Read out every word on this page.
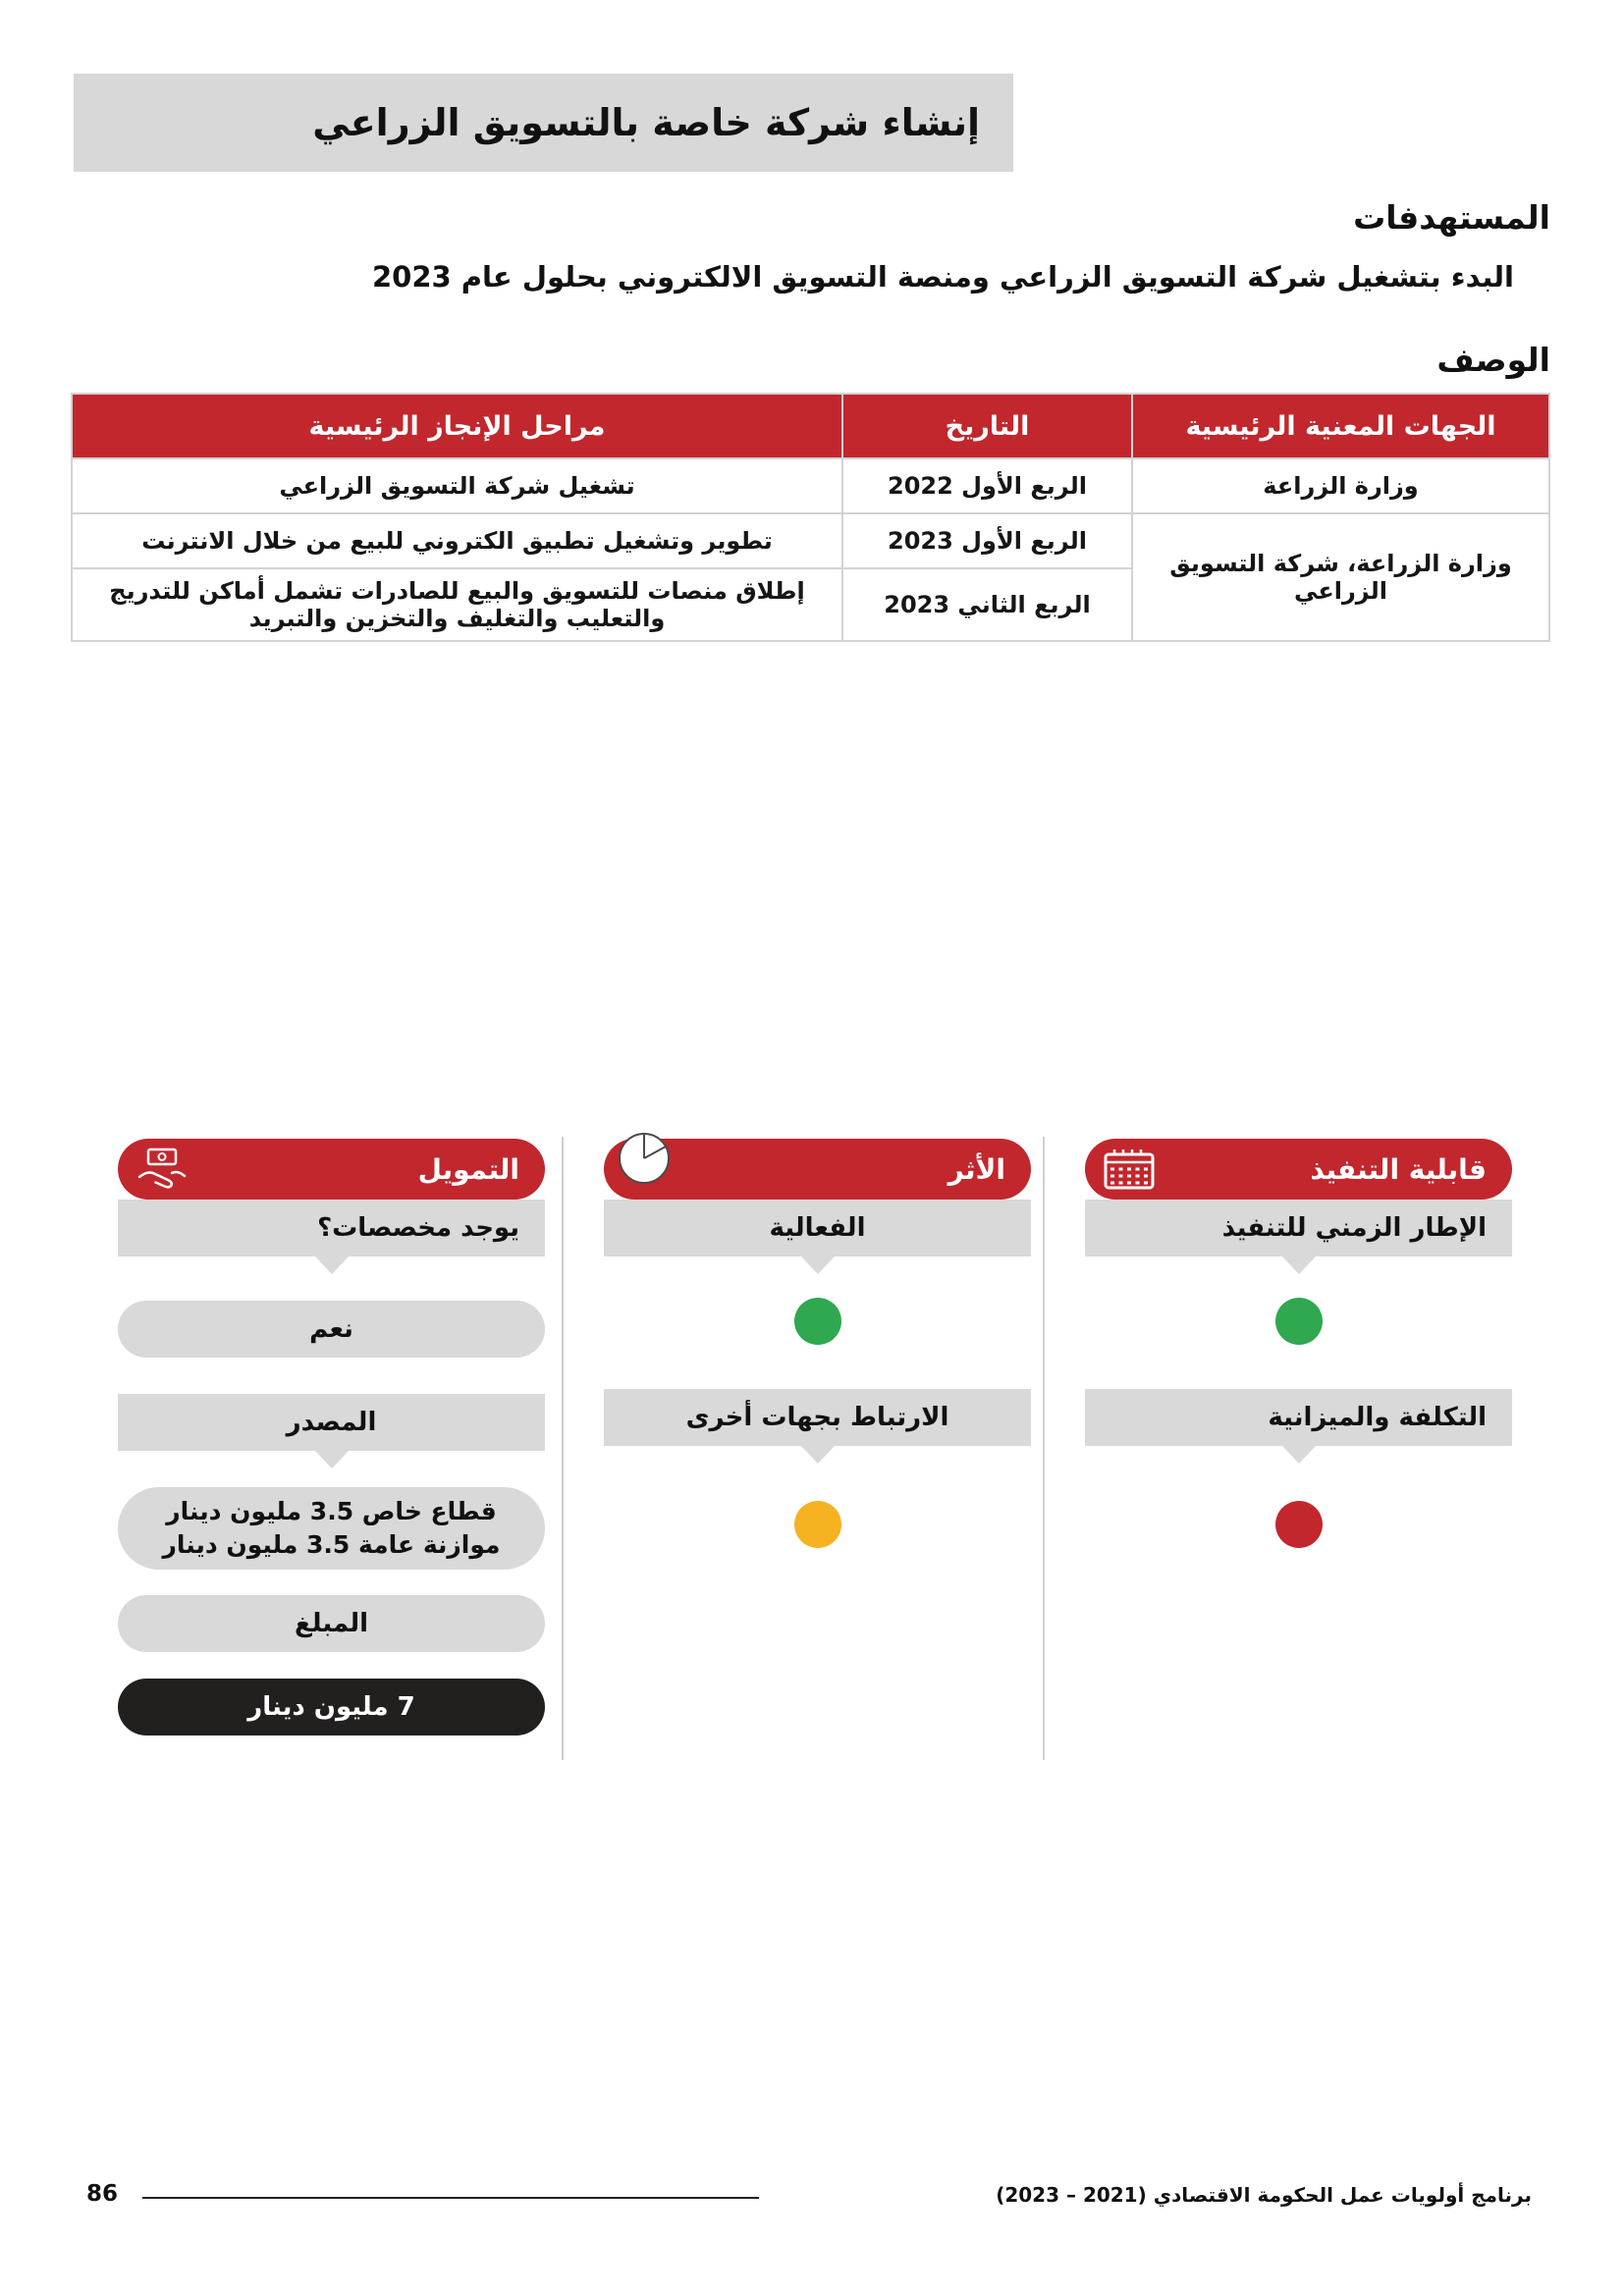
إنشاء شركة خاصة بالتسويق الزراعي
المستهدفات

البدء بتشغيل شركة التسويق الزراعي ومنصة التسويق الالكتروني بحلول عام 2023

الوصف
الجهات المعنية الرئيسية	التاريخ	مراحل الإنجاز الرئيسية
وزارة الزراعة	الربع الأول 2022	تشغيل شركة التسويق الزراعي
وزارة الزراعة، شركة التسويق الزراعي	الربع الأول 2023	تطوير وتشغيل تطبيق الكتروني للبيع من خلال الانترنت
	الربع الثاني 2023	إطلاق منصات للتسويق والبيع للصادرات تشمل أماكن للتدريج والتعليب والتغليف والتخزين والتبريد
قابلية التنفيذ
الإطار الزمني للتنفيذ
التكلفة والميزانية
الأثر
الفعالية
الارتباط بجهات أخرى
التمويل
يوجد مخصصات؟
نعم
المصدر
قطاع خاص 3.5 مليون دينار
موازنة عامة 3.5 مليون دينار
المبلغ
7 مليون دينار
86	برنامج أولويات عمل الحكومة الاقتصادي (2021 – 2023)
